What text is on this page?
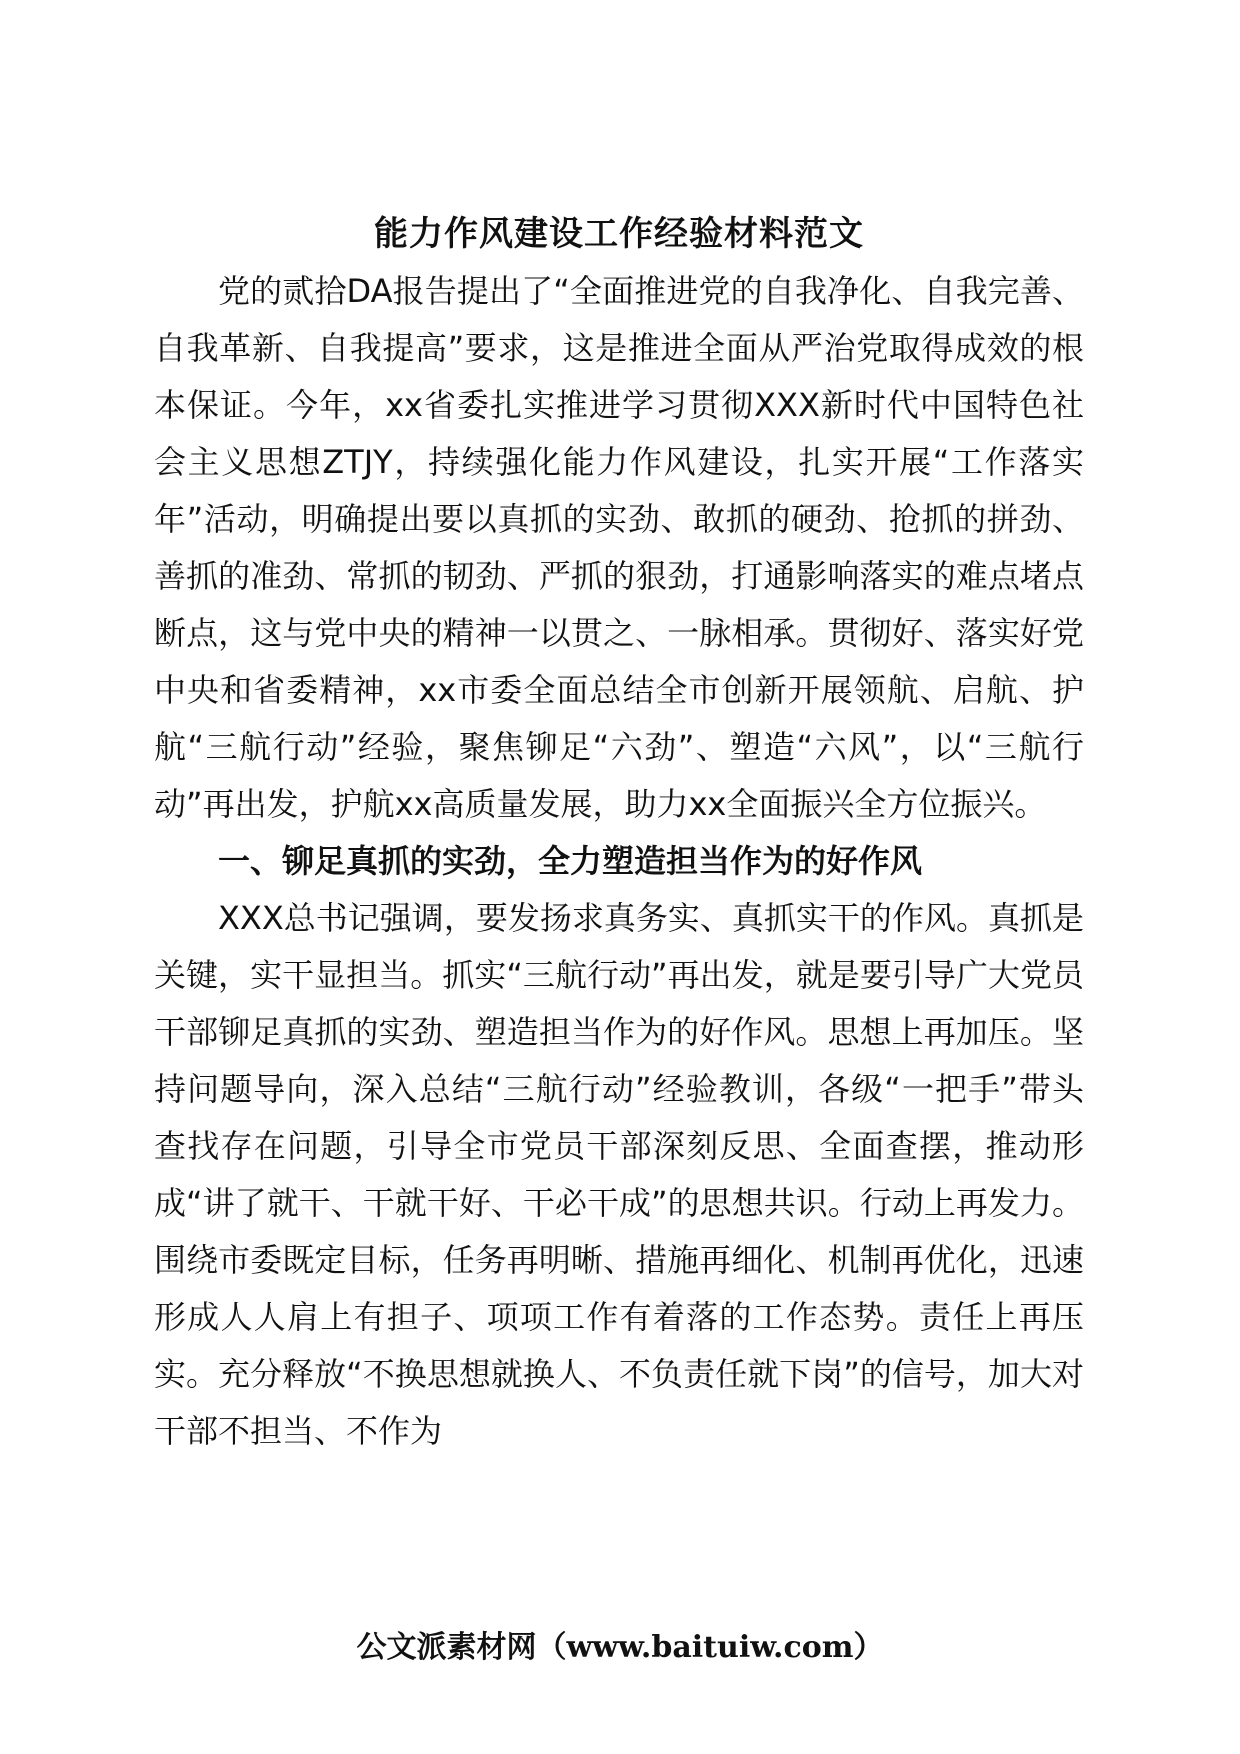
能力作风建设工作经验材料范文

党的贰拾DA报告提出了“全面推进党的自我净化、自我完善、自我革新、自我提高”要求，这是推进全面从严治党取得成效的根本保证。今年，xx省委扎实推进学习贯彻XXX新时代中国特色社会主义思想ZTJY，持续强化能力作风建设，扎实开展“工作落实年”活动，明确提出要以真抓的实劲、敢抓的硬劲、抢抓的拼劲、善抓的准劲、常抓的韧劲、严抓的狠劲，打通影响落实的难点堵点断点，这与党中央的精神一以贯之、一脉相承。贯彻好、落实好党中央和省委精神，xx市委全面总结全市创新开展领航、启航、护航“三航行动”经验，聚焦铆足“六劲”、塑造“六风”，以“三航行动”再出发，护航xx高质量发展，助力xx全面振兴全方位振兴。

一、铆足真抓的实劲，全力塑造担当作为的好作风

XXX总书记强调，要发扬求真务实、真抓实干的作风。真抓是关键，实干显担当。抓实“三航行动”再出发，就是要引导广大党员干部铆足真抓的实劲、塑造担当作为的好作风。思想上再加压。坚持问题导向，深入总结“三航行动”经验教训，各级“一把手”带头查找存在问题，引导全市党员干部深刻反思、全面查摆，推动形成“讲了就干、干就干好、干必干成”的思想共识。行动上再发力。围绕市委既定目标，任务再明晰、措施再细化、机制再优化，迅速形成人人肩上有担子、项项工作有着落的工作态势。责任上再压实。充分释放“不换思想就换人、不负责任就下岗”的信号，加大对干部不担当、不作为

公文派素材网（www.baituiw.com）
